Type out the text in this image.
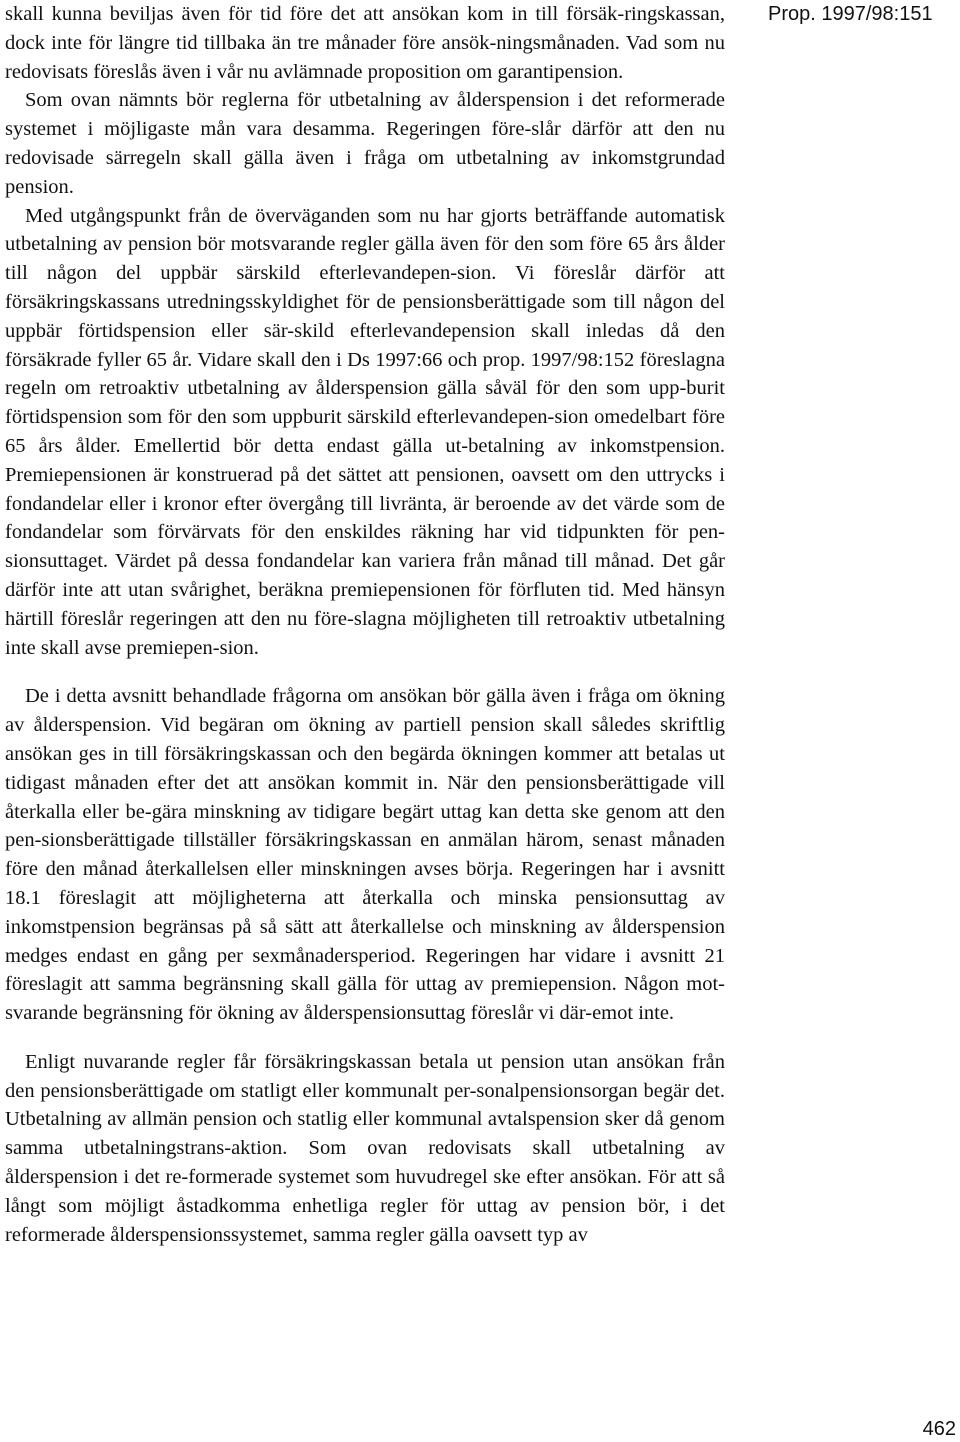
skall kunna beviljas även för tid före det att ansökan kom in till försäk-ringskassan, dock inte för längre tid tillbaka än tre månader före ansök-ningsmånaden. Vad som nu redovisats föreslås även i vår nu avlämnade proposition om garantipension.

Som ovan nämnts bör reglerna för utbetalning av ålderspension i det reformerade systemet i möjligaste mån vara desamma. Regeringen före-slår därför att den nu redovisade särregeln skall gälla även i fråga om utbetalning av inkomstgrundad pension.

Med utgångspunkt från de överväganden som nu har gjorts beträffande automatisk utbetalning av pension bör motsvarande regler gälla även för den som före 65 års ålder till någon del uppbär särskild efterlevandepen-sion. Vi föreslår därför att försäkringskassans utredningsskyldighet för de pensionsberättigade som till någon del uppbär förtidspension eller sär-skild efterlevandepension skall inledas då den försäkrade fyller 65 år. Vidare skall den i Ds 1997:66 och prop. 1997/98:152 föreslagna regeln om retroaktiv utbetalning av ålderspension gälla såväl för den som upp-burit förtidspension som för den som uppburit särskild efterlevandepen-sion omedelbart före 65 års ålder. Emellertid bör detta endast gälla ut-betalning av inkomstpension. Premiepensionen är konstruerad på det sättet att pensionen, oavsett om den uttrycks i fondandelar eller i kronor efter övergång till livränta, är beroende av det värde som de fondandelar som förvärvats för den enskildes räkning har vid tidpunkten för pen-sionsuttaget. Värdet på dessa fondandelar kan variera från månad till månad. Det går därför inte att utan svårighet, beräkna premiepensionen för förfluten tid. Med hänsyn härtill föreslår regeringen att den nu före-slagna möjligheten till retroaktiv utbetalning inte skall avse premiepen-sion.

De i detta avsnitt behandlade frågorna om ansökan bör gälla även i fråga om ökning av ålderspension. Vid begäran om ökning av partiell pension skall således skriftlig ansökan ges in till försäkringskassan och den begärda ökningen kommer att betalas ut tidigast månaden efter det att ansökan kommit in. När den pensionsberättigade vill återkalla eller be-gära minskning av tidigare begärt uttag kan detta ske genom att den pen-sionsberättigade tillställer försäkringskassan en anmälan härom, senast månaden före den månad återkallelsen eller minskningen avses börja. Regeringen har i avsnitt 18.1 föreslagit att möjligheterna att återkalla och minska pensionsuttag av inkomstpension begränsas på så sätt att återkallelse och minskning av ålderspension medges endast en gång per sexmånadersperiod. Regeringen har vidare i avsnitt 21 föreslagit att samma begränsning skall gälla för uttag av premiepension. Någon mot-svarande begränsning för ökning av ålderspensionsuttag föreslår vi där-emot inte.

Enligt nuvarande regler får försäkringskassan betala ut pension utan ansökan från den pensionsberättigade om statligt eller kommunalt per-sonalpensionsorgan begär det. Utbetalning av allmän pension och statlig eller kommunal avtalspension sker då genom samma utbetalningstrans-aktion. Som ovan redovisats skall utbetalning av ålderspension i det re-formerade systemet som huvudregel ske efter ansökan. För att så långt som möjligt åstadkomma enhetliga regler för uttag av pension bör, i det reformerade ålderspensionssystemet, samma regler gälla oavsett typ av

Prop. 1997/98:151
462
